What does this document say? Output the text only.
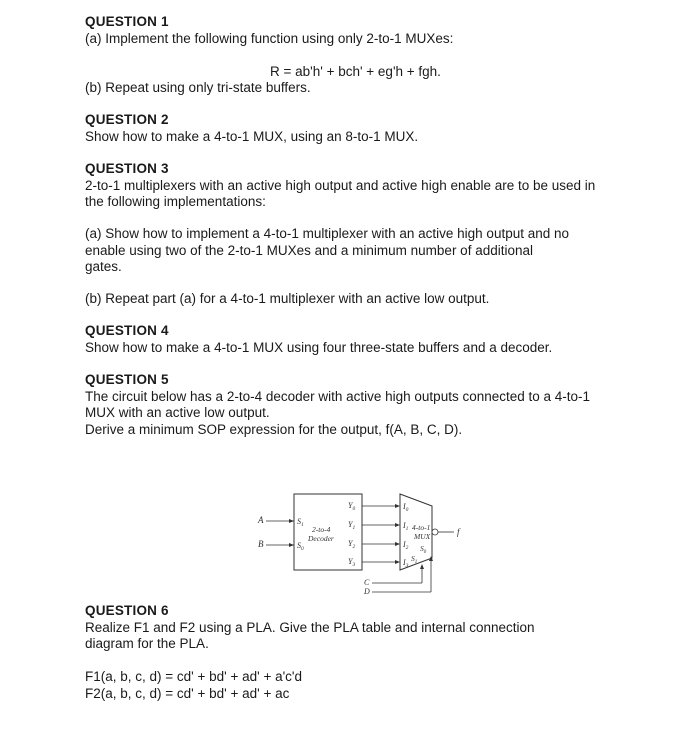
QUESTION 1
(a) Implement the following function using only 2-to-1 MUXes:
R = ab'h' + bch' + eg'h + fgh.
(b) Repeat using only tri-state buffers.
QUESTION 2
Show how to make a 4-to-1 MUX, using an 8-to-1 MUX.
QUESTION 3
2-to-1 multiplexers with an active high output and active high enable are to be used in
the following implementations:
(a) Show how to implement a 4-to-1 multiplexer with an active high output and no
enable using two of the 2-to-1 MUXes and a minimum number of additional
gates.
(b) Repeat part (a) for a 4-to-1 multiplexer with an active low output.
QUESTION 4
Show how to make a 4-to-1 MUX using four three-state buffers and a decoder.
QUESTION 5
The circuit below has a 2-to-4 decoder with active high outputs connected to a 4-to-1
MUX with an active low output.
Derive a minimum SOP expression for the output, f(A, B, C, D).
A
B
$S_1$
$S_0$
2-to-4
Decoder
$Y_0$
$Y_1$
$Y_2$
$Y_3$
$I_0$
$I_1$
$I_2$
$I_3$
4-to-1
MUX
$S_1$
$S_0$
f
C
D
QUESTION 6
Realize F1 and F2 using a PLA. Give the PLA table and internal connection
diagram for the PLA.
F1(a, b, c, d) = cd' + bd' + ad' + a'c'd
F2(a, b, c, d) = cd' + bd' + ad' + ac
